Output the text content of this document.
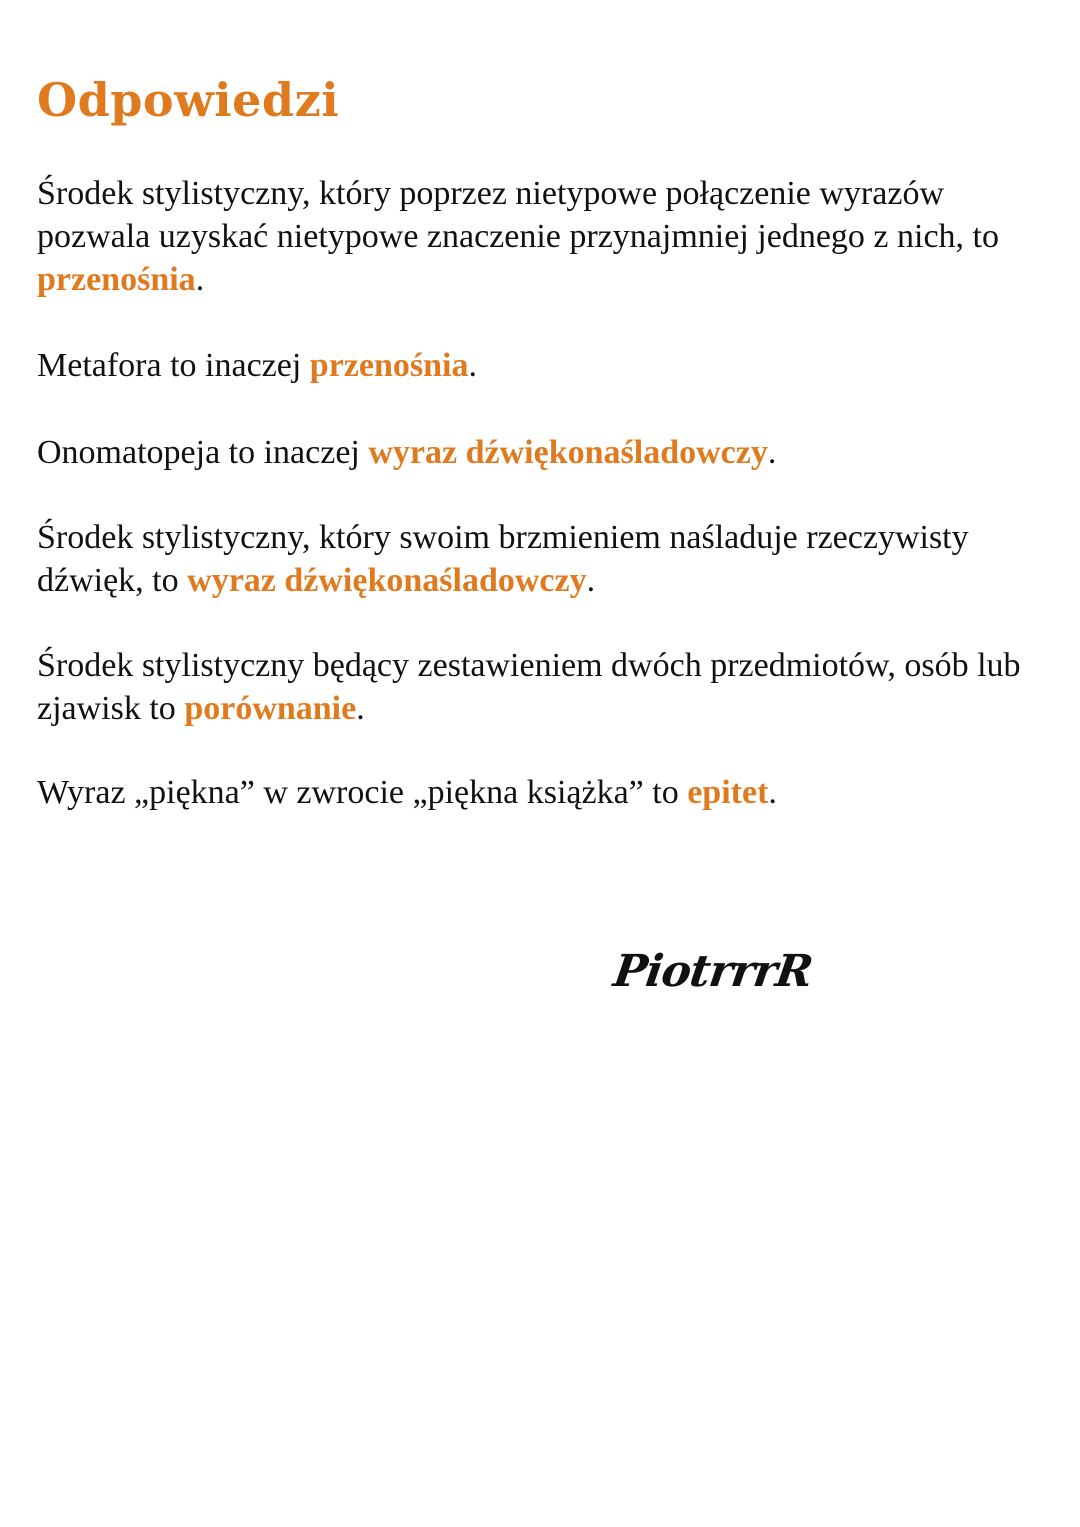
Odpowiedzi

Środek stylistyczny, który poprzez nietypowe połączenie wyrazów pozwala uzyskać nietypowe znaczenie przynajmniej jednego z nich, to przenośnia.

Metafora to inaczej przenośnia.

Onomatopeja to inaczej wyraz dźwiękonaśladowczy.

Środek stylistyczny, który swoim brzmieniem naśladuje rzeczywisty dźwięk, to wyraz dźwiękonaśladowczy.

Środek stylistyczny będący zestawieniem dwóch przedmiotów, osób lub zjawisk to porównanie.

Wyraz „piękna” w zwrocie „piękna książka” to epitet.

PiotrrrR
